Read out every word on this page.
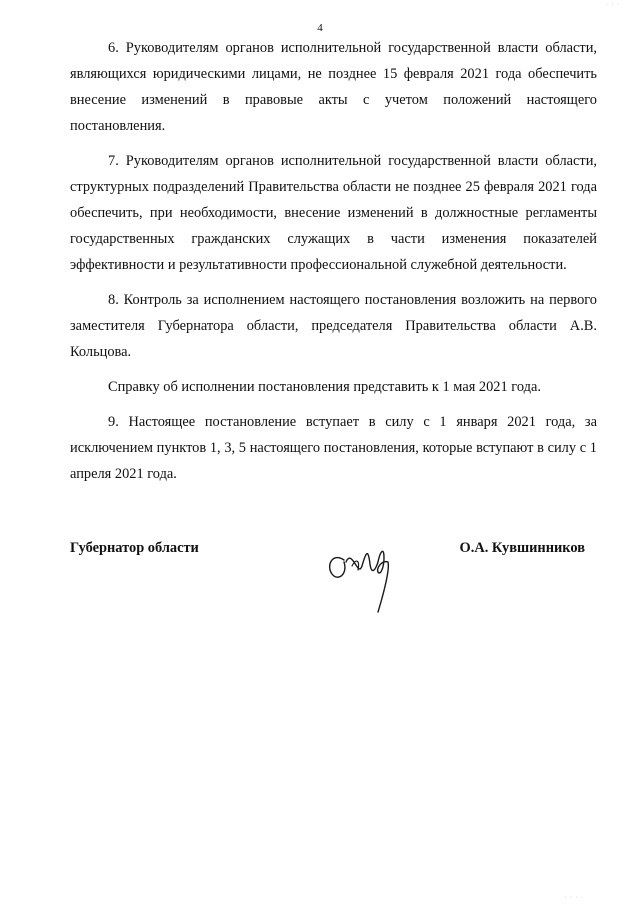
· · ·
4

6. Руководителям органов исполнительной государственной власти области, являющихся юридическими лицами, не позднее 15 февраля 2021 года обеспечить внесение изменений в правовые акты с учетом положений настоящего постановления.

7. Руководителям органов исполнительной государственной власти области, структурных подразделений Правительства области не позднее 25 февраля 2021 года обеспечить, при необходимости, внесение изменений в должностные регламенты государственных гражданских служащих в части изменения показателей эффективности и результативности профессиональной служебной деятельности.

8. Контроль за исполнением настоящего постановления возложить на первого заместителя Губернатора области, председателя Правительства области А.В. Кольцова.

Справку об исполнении постановления представить к 1 мая 2021 года.

9. Настоящее постановление вступает в силу с 1 января 2021 года, за исключением пунктов 1, 3, 5 настоящего постановления, которые вступают в силу с 1 апреля 2021 года.

Губернатор области	О.А. Кувшинников
· · · ·
